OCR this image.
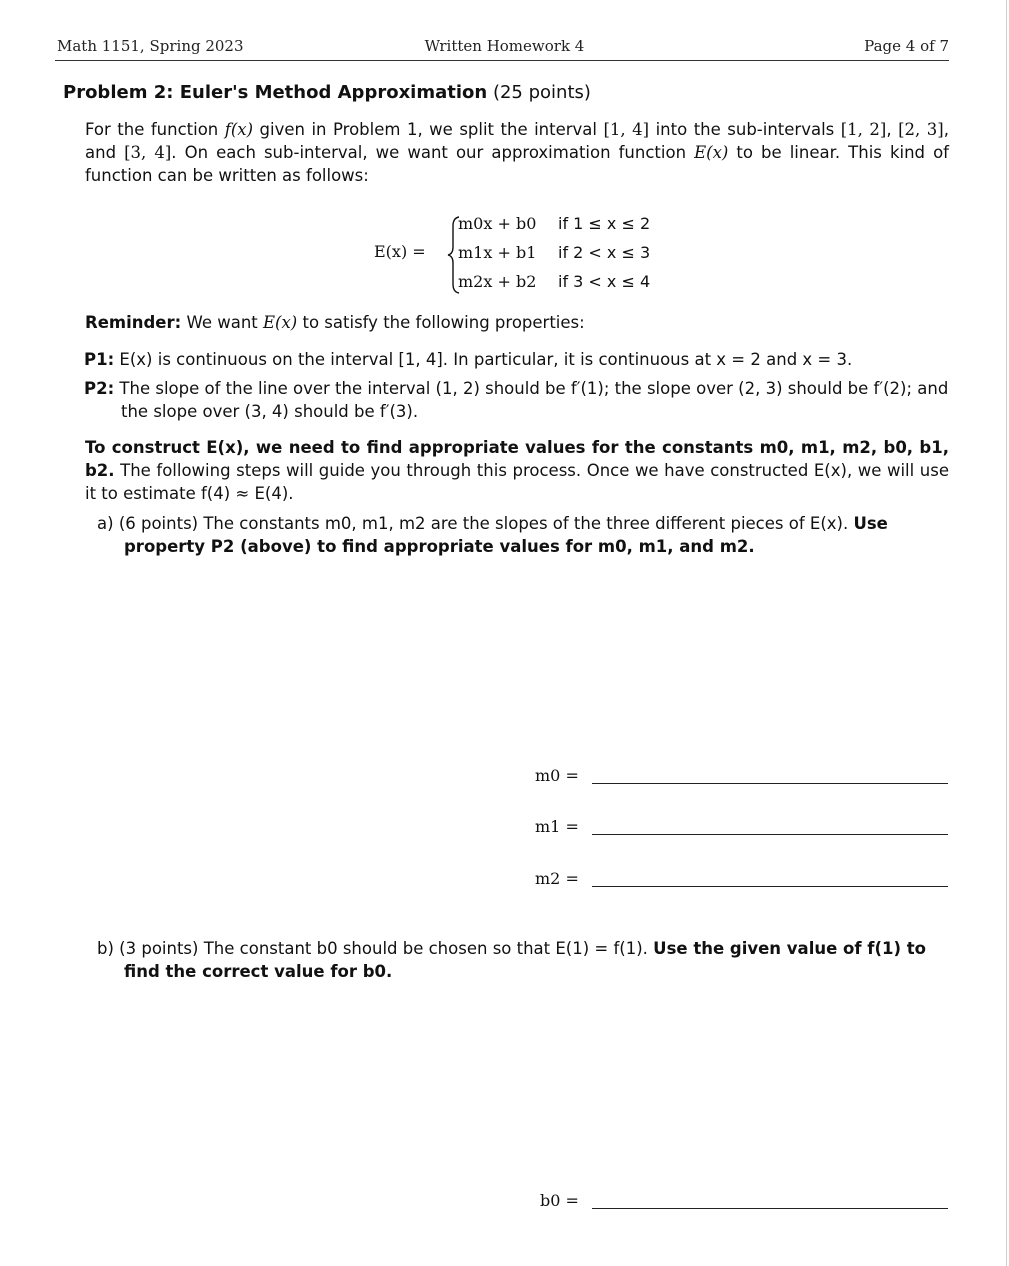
Math 1151, Spring 2023	Written Homework 4	Page 4 of 7
Problem 2: Euler's Method Approximation (25 points)
For the function f(x) given in Problem 1, we split the interval [1, 4] into the sub-intervals [1, 2], [2, 3], and [3, 4]. On each sub-interval, we want our approximation function E(x) to be linear. This kind of function can be written as follows:
E(x) =
m0x + b0 if 1 ≤ x ≤ 2
m1x + b1 if 2 < x ≤ 3
m2x + b2 if 3 < x ≤ 4
Reminder: We want E(x) to satisfy the following properties:
P1: E(x) is continuous on the interval [1, 4]. In particular, it is continuous at x = 2 and x = 3.
P2: The slope of the line over the interval (1, 2) should be f′(1); the slope over (2, 3) should be f′(2); and the slope over (3, 4) should be f′(3).
To construct E(x), we need to find appropriate values for the constants m0, m1, m2, b0, b1, b2. The following steps will guide you through this process. Once we have constructed E(x), we will use it to estimate f(4) ≈ E(4).
a) (6 points) The constants m0, m1, m2 are the slopes of the three different pieces of E(x). Use property P2 (above) to find appropriate values for m0, m1, and m2.
m0 =
m1 =
m2 =
b) (3 points) The constant b0 should be chosen so that E(1) = f(1). Use the given value of f(1) to find the correct value for b0.
b0 =
